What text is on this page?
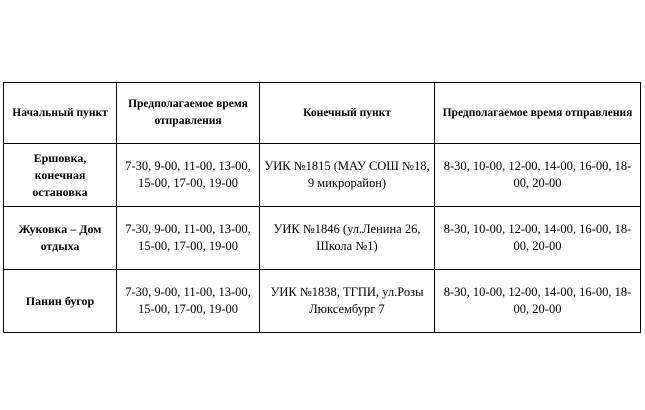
Начальный пункт	Предполагаемое время отправления	Конечный пункт	Предполагаемое время отправления
Ершовка, конечная остановка	7-30, 9-00, 11-00, 13-00, 15-00, 17-00, 19-00	УИК №1815 (МАУ СОШ №18, 9 микрорайон)	8-30, 10-00, 12-00, 14-00, 16-00, 18-00, 20-00
Жуковка – Дом отдыха	7-30, 9-00, 11-00, 13-00, 15-00, 17-00, 19-00	УИК №1846 (ул.Ленина 26, Школа №1)	8-30, 10-00, 12-00, 14-00, 16-00, 18-00, 20-00
Панин бугор	7-30, 9-00, 11-00, 13-00, 15-00, 17-00, 19-00	УИК №1838, ТГПИ, ул.Розы Люксембург 7	8-30, 10-00, 12-00, 14-00, 16-00, 18-00, 20-00
